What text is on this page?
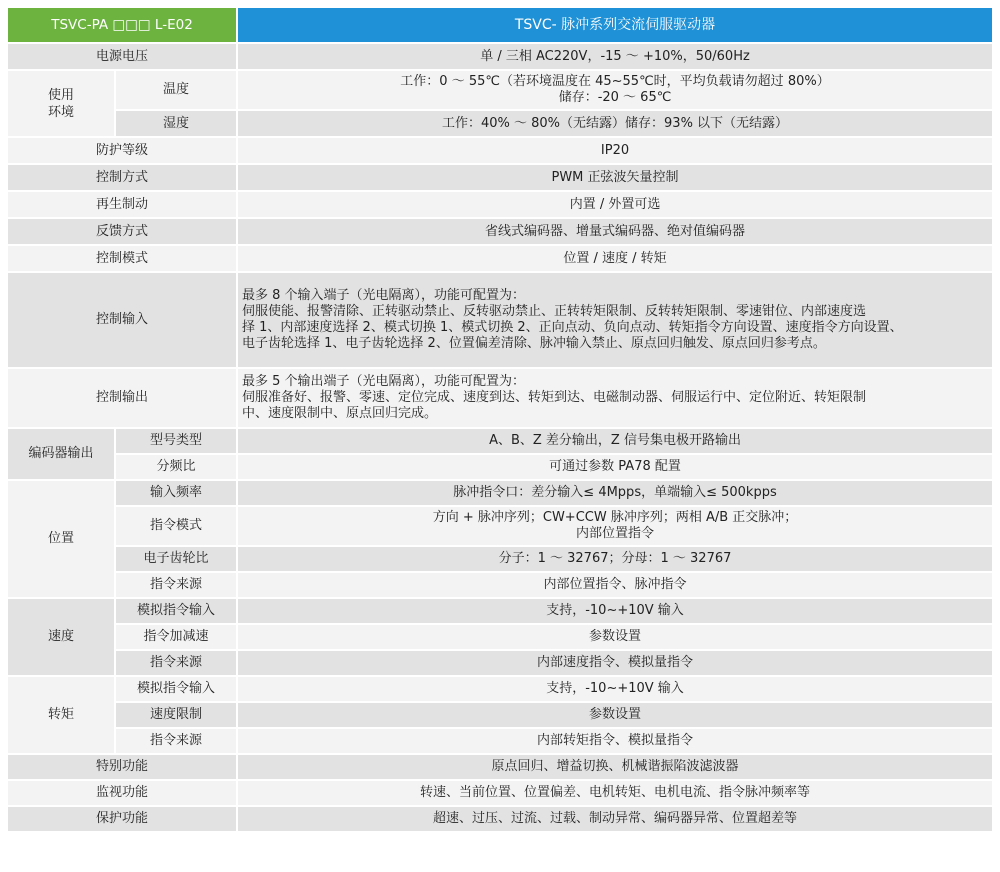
TSVC-PA □□□ L-E02		TSVC- 脉冲系列交流伺服驱动器
电源电压		单 / 三相 AC220V，-15 ～ +10%，50/60Hz
使用环境	温度	工作：0 ～ 55℃（若环境温度在 45~55℃时，平均负载请勿超过 80%）
储存：-20 ～ 65℃

	湿度	工作：40% ～ 80%（无结露）储存：93% 以下（无结露）
防护等级		IP20
控制方式		PWM 正弦波矢量控制
再生制动		内置 / 外置可选
反馈方式		省线式编码器、增量式编码器、绝对值编码器
控制模式		位置 / 速度 / 转矩
控制输入		最多 8 个输入端子（光电隔离），功能可配置为：
伺服使能、报警清除、正转驱动禁止、反转驱动禁止、正转转矩限制、反转转矩限制、零速钳位、内部速度选
择 1、内部速度选择 2、模式切换 1、模式切换 2、正向点动、负向点动、转矩指令方向设置、速度指令方向设置、
电子齿轮选择 1、电子齿轮选择 2、位置偏差清除、脉冲输入禁止、原点回归触发、原点回归参考点。

控制输出		最多 5 个输出端子（光电隔离），功能可配置为：
伺服准备好、报警、零速、定位完成、速度到达、转矩到达、电磁制动器、伺服运行中、定位附近、转矩限制
中、速度限制中、原点回归完成。

编码器输出	型号类型	A、B、Z 差分输出，Z 信号集电极开路输出
	分频比	可通过参数 PA78 配置
位置	输入频率	脉冲指令口：差分输入≤ 4Mpps，单端输入≤ 500kpps
	指令模式	方向 + 脉冲序列；CW+CCW 脉冲序列；两相 A/B 正交脉冲；
内部位置指令

	电子齿轮比	分子：1 ～ 32767；分母：1 ～ 32767
	指令来源	内部位置指令、脉冲指令
速度	模拟指令输入	支持，-10~+10V 输入
	指令加减速	参数设置
	指令来源	内部速度指令、模拟量指令
转矩	模拟指令输入	支持，-10~+10V 输入
	速度限制	参数设置
	指令来源	内部转矩指令、模拟量指令
特别功能		原点回归、增益切换、机械谐振陷波滤波器
监视功能		转速、当前位置、位置偏差、电机转矩、电机电流、指令脉冲频率等
保护功能		超速、过压、过流、过载、制动异常、编码器异常、位置超差等
